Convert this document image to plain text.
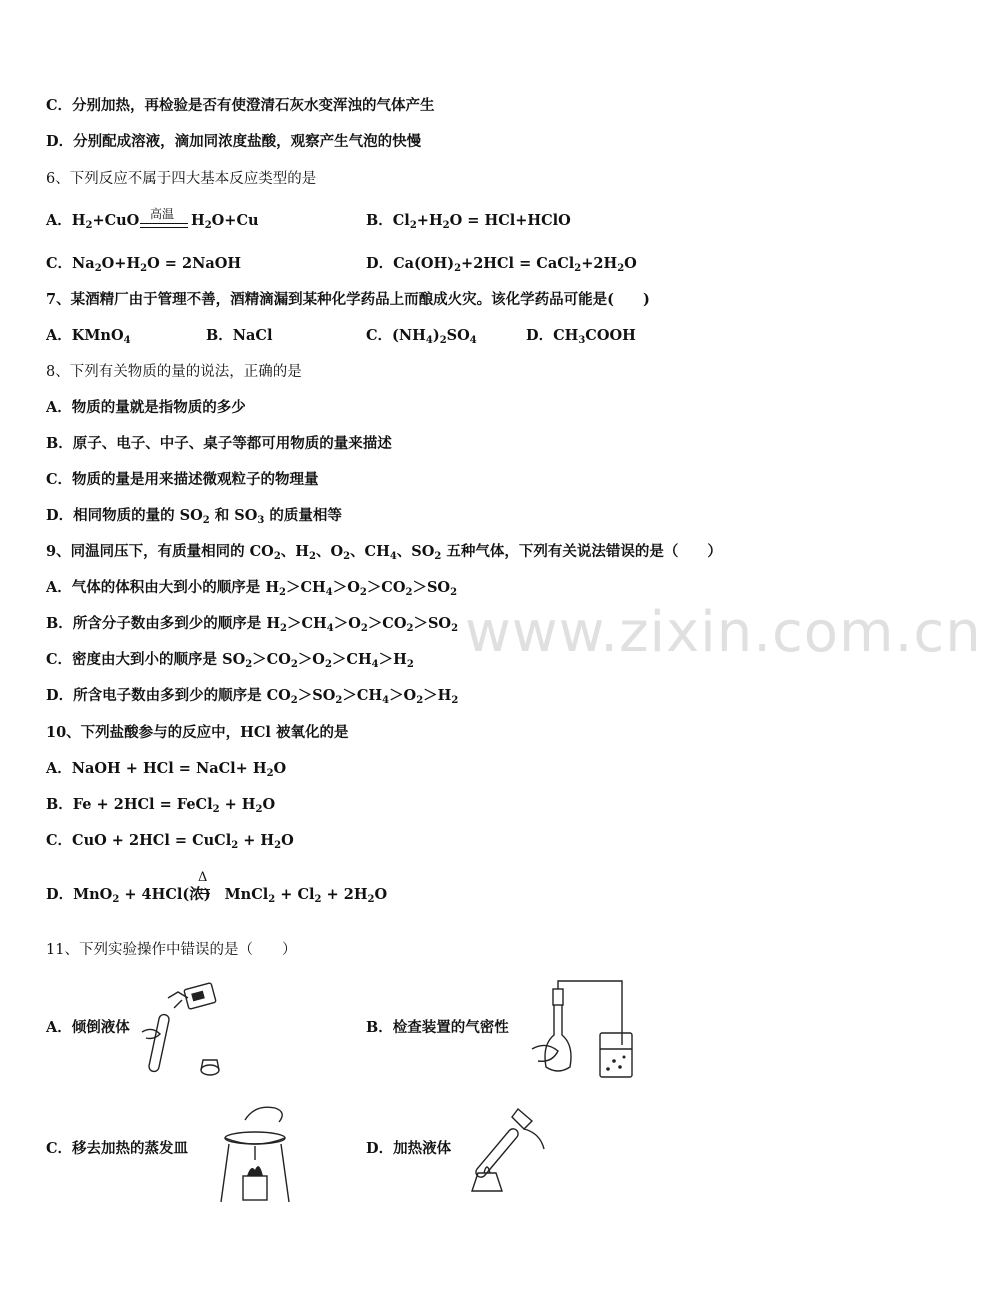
www.zixin.com.cn
C．分别加热，再检验是否有使澄清石灰水变浑浊的气体产生
D．分别配成溶液，滴加同浓度盐酸，观察产生气泡的快慢
6、下列反应不属于四大基本反应类型的是
A．$H_2+CuO$ 高温 $H_2O+Cu$	B．$Cl_2+H_2O$ = HCl+HClO
C．$Na_2O+H_2O$ = 2NaOH	D．$Ca(OH)_2+2HCl$ = $CaCl_2+2H_2O$
7、某酒精厂由于管理不善，酒精滴漏到某种化学药品上而酿成火灾。该化学药品可能是(　　)
A．KMnO$_4$	B．NaCl	C．$(NH_4)_2SO_4$	D．$CH_3COOH$
8、下列有关物质的量的说法，正确的是
A．物质的量就是指物质的多少
B．原子、电子、中子、桌子等都可用物质的量来描述
C．物质的量是用来描述微观粒子的物理量
D．相同物质的量的 $SO_2$ 和 $SO_3$ 的质量相等
9、同温同压下，有质量相同的 $CO_2$、$H_2$、$O_2$、$CH_4$、$SO_2$ 五种气体，下列有关说法错误的是（　　）
A．气体的体积由大到小的顺序是 $H_2>CH_4>O_2>CO_2>SO_2$
B．所含分子数由多到少的顺序是 $H_2>CH_4>O_2>CO_2>SO_2$
C．密度由大到小的顺序是 $SO_2>CO_2>O_2>CH_4>H_2$
D．所含电子数由多到少的顺序是 $CO_2>SO_2>CH_4>O_2>H_2$
10、下列盐酸参与的反应中，HCl 被氧化的是
A．NaOH + HCl = NaCl+ $H_2O$
B．Fe + 2HCl = FeCl$_2$ + $H_2O$
C．CuO + 2HCl = CuCl$_2$ + $H_2O$
D．MnO$_2$ + 4HCl(浓) MnCl$_2$ + $Cl_2 + 2H_2O$
Δ
11、下列实验操作中错误的是（　　）
A．倾倒液体	B．检查装置的气密性
C．移去加热的蒸发皿	D．加热液体
